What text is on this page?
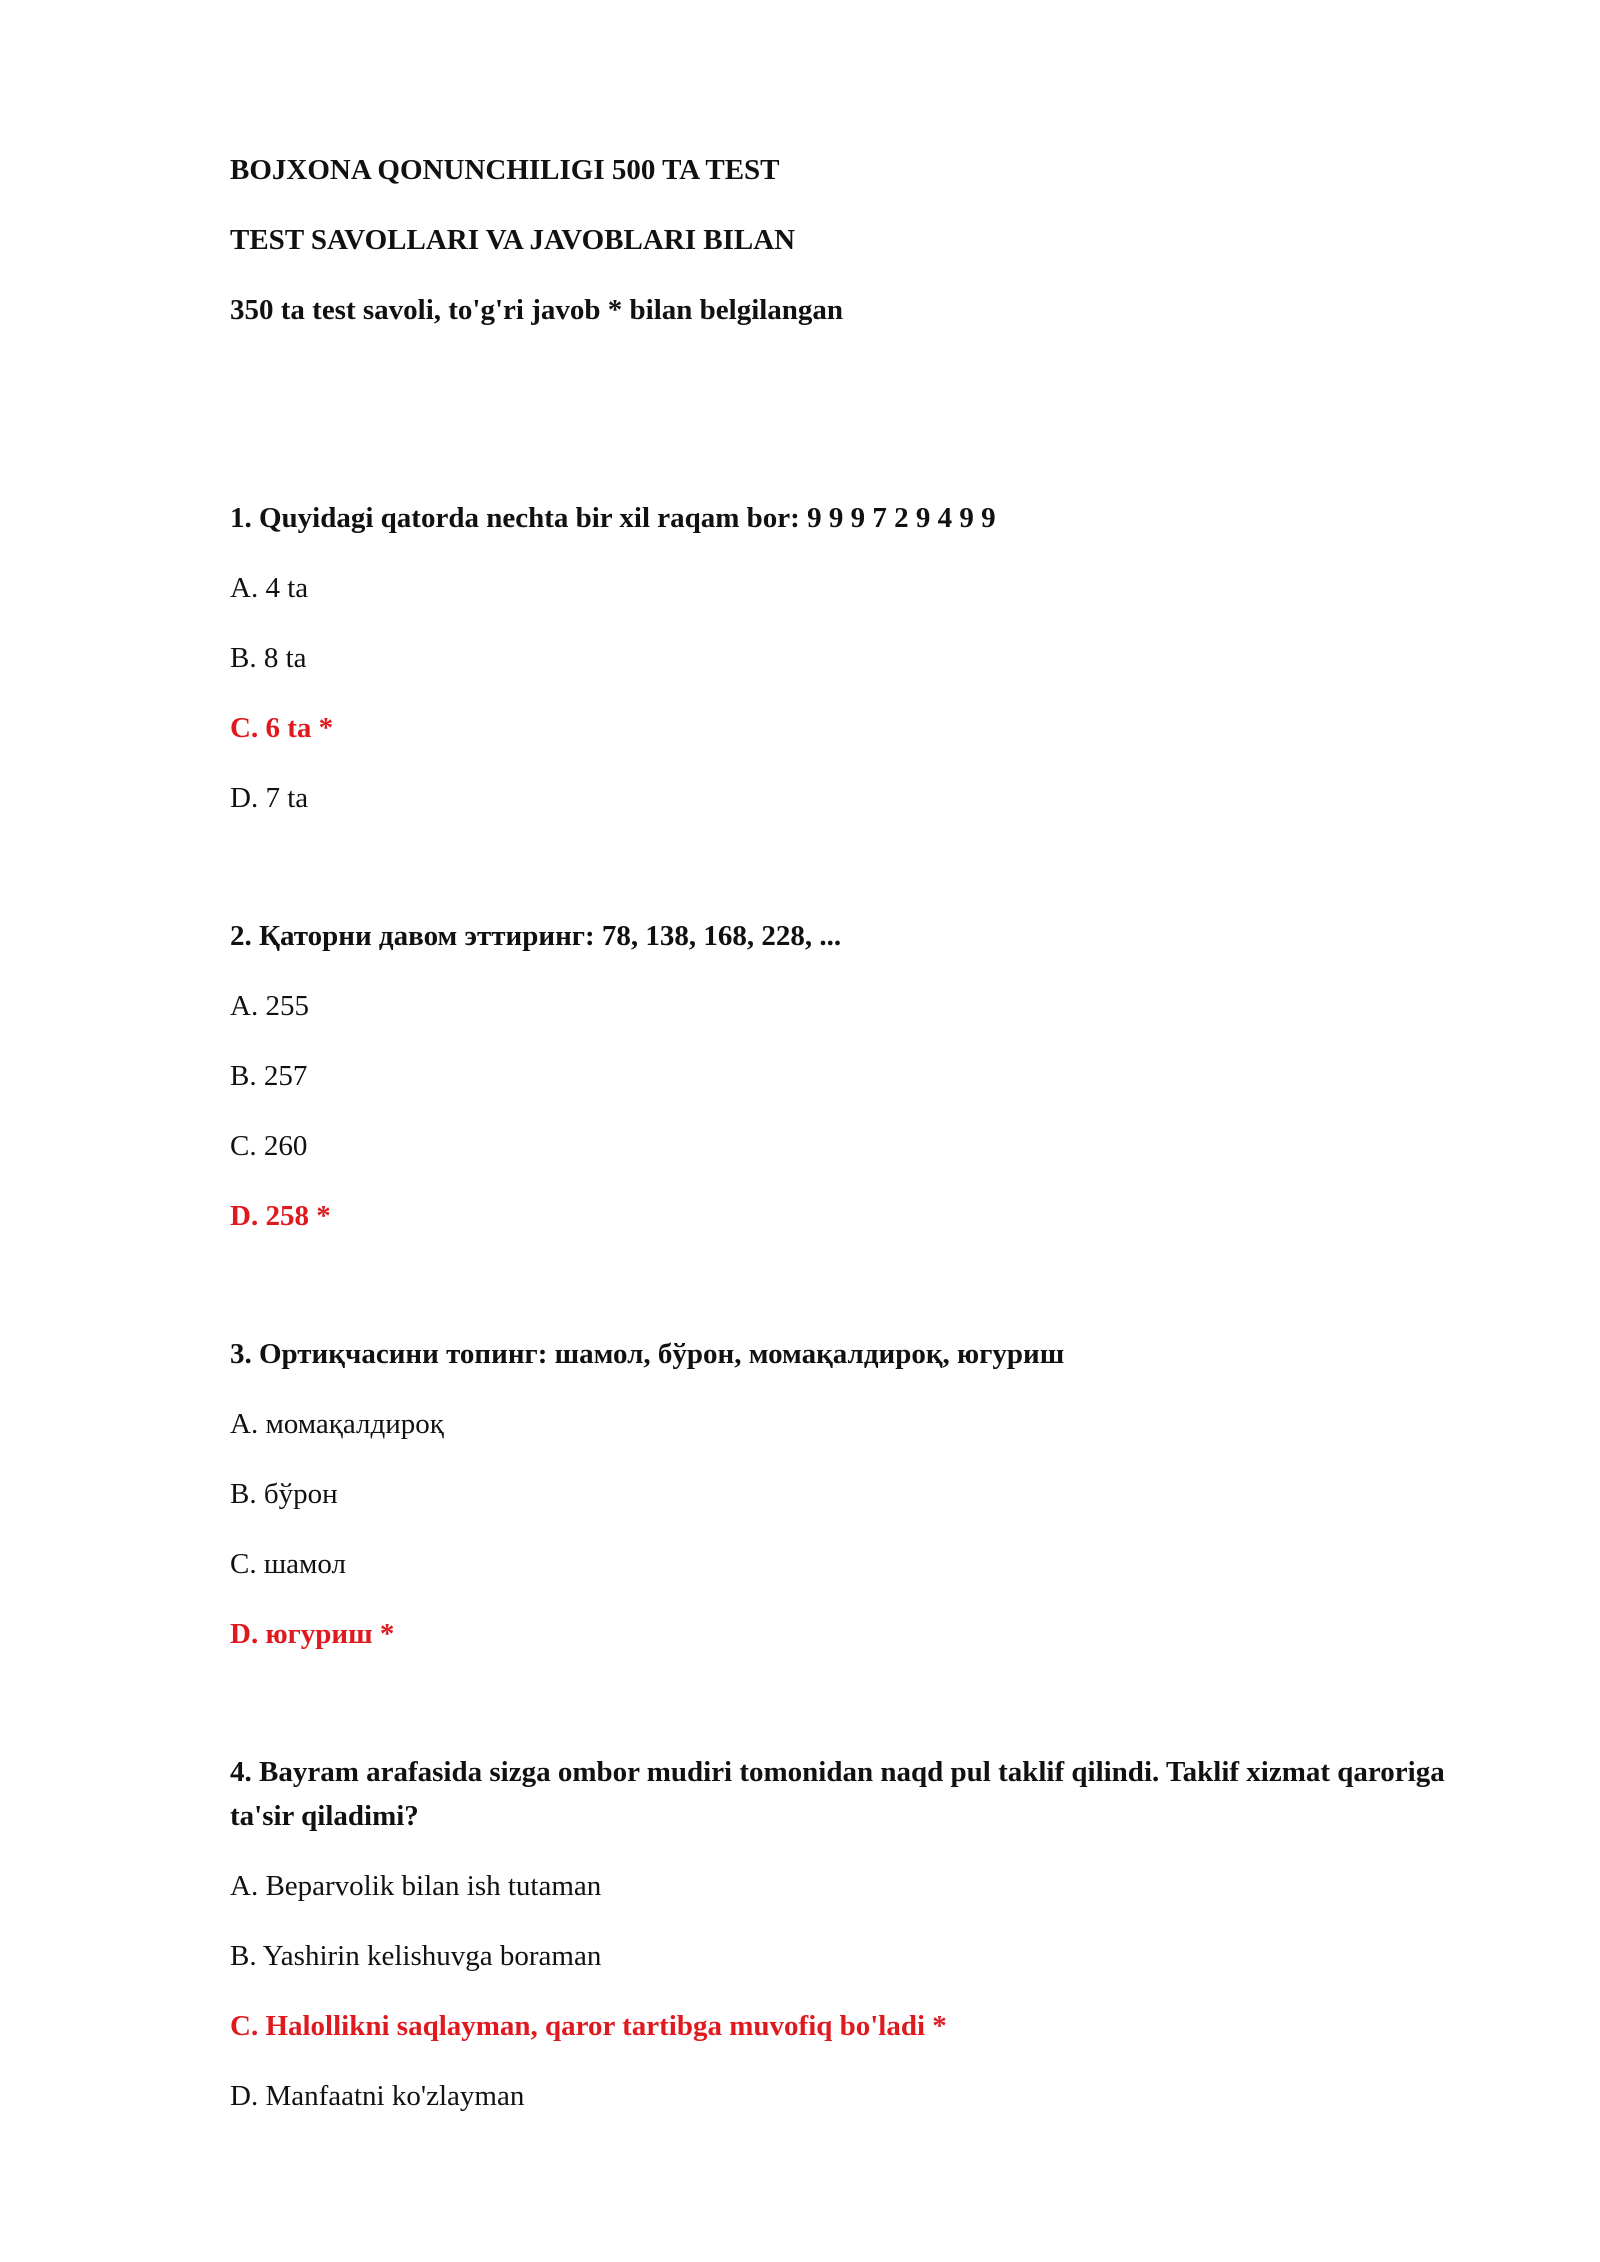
BOJXONA QONUNCHILIGI 500 TA TEST
TEST SAVOLLARI VA JAVOBLARI BILAN
350 ta test savoli, to'g'ri javob * bilan belgilangan

1. Quyidagi qatorda nechta bir xil raqam bor: 9 9 9 7 2 9 4 9 9

A. 4 ta

B. 8 ta

C. 6 ta *

D. 7 ta

2. Қаторни давом эттиринг: 78, 138, 168, 228, ...

A. 255

B. 257

C. 260

D. 258 *

3. Ортиқчасини топинг: шамол, бўрон, момақалдироқ, югуриш

A. момақалдироқ

B. бўрон

C. шамол

D. югуриш *

4. Bayram arafasida sizga ombor mudiri tomonidan naqd pul taklif qilindi. Taklif xizmat qaroriga ta'sir qiladimi?

A. Beparvolik bilan ish tutaman

B. Yashirin kelishuvga boraman

C. Halollikni saqlayman, qaror tartibga muvofiq bo'ladi *

D. Manfaatni ko'zlayman
